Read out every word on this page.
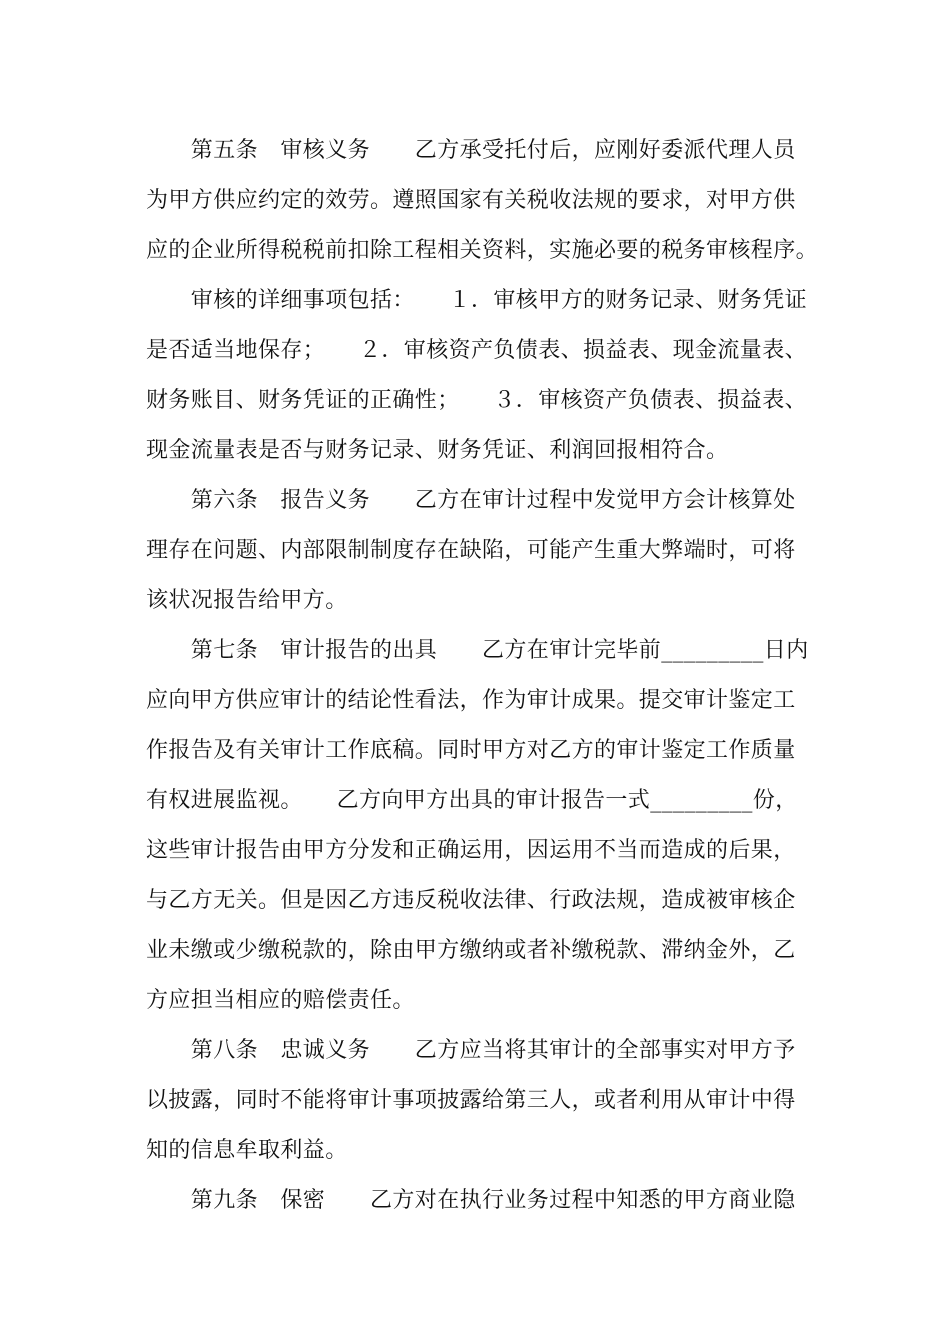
　　第五条　审核义务　　乙方承受托付后，应刚好委派代理人员
为甲方供应约定的效劳。遵照国家有关税收法规的要求，对甲方供
应的企业所得税税前扣除工程相关资料，实施必要的税务审核程序。
　　审核的详细事项包括：　　１．审核甲方的财务记录、财务凭证
是否适当地保存；　　２．审核资产负债表、损益表、现金流量表、
财务账目、财务凭证的正确性；　　３．审核资产负债表、损益表、
现金流量表是否与财务记录、财务凭证、利润回报相符合。
　　第六条　报告义务　　乙方在审计过程中发觉甲方会计核算处
理存在问题、内部限制制度存在缺陷，可能产生重大弊端时，可将
该状况报告给甲方。
　　第七条　审计报告的出具　　乙方在审计完毕前_________日内
应向甲方供应审计的结论性看法，作为审计成果。提交审计鉴定工
作报告及有关审计工作底稿。同时甲方对乙方的审计鉴定工作质量
有权进展监视。　　乙方向甲方出具的审计报告一式_________份，
这些审计报告由甲方分发和正确运用，因运用不当而造成的后果，
与乙方无关。但是因乙方违反税收法律、行政法规，造成被审核企
业未缴或少缴税款的，除由甲方缴纳或者补缴税款、滞纳金外，乙
方应担当相应的赔偿责任。
　　第八条　忠诚义务　　乙方应当将其审计的全部事实对甲方予
以披露，同时不能将审计事项披露给第三人，或者利用从审计中得
知的信息牟取利益。
　　第九条　保密　　乙方对在执行业务过程中知悉的甲方商业隐
